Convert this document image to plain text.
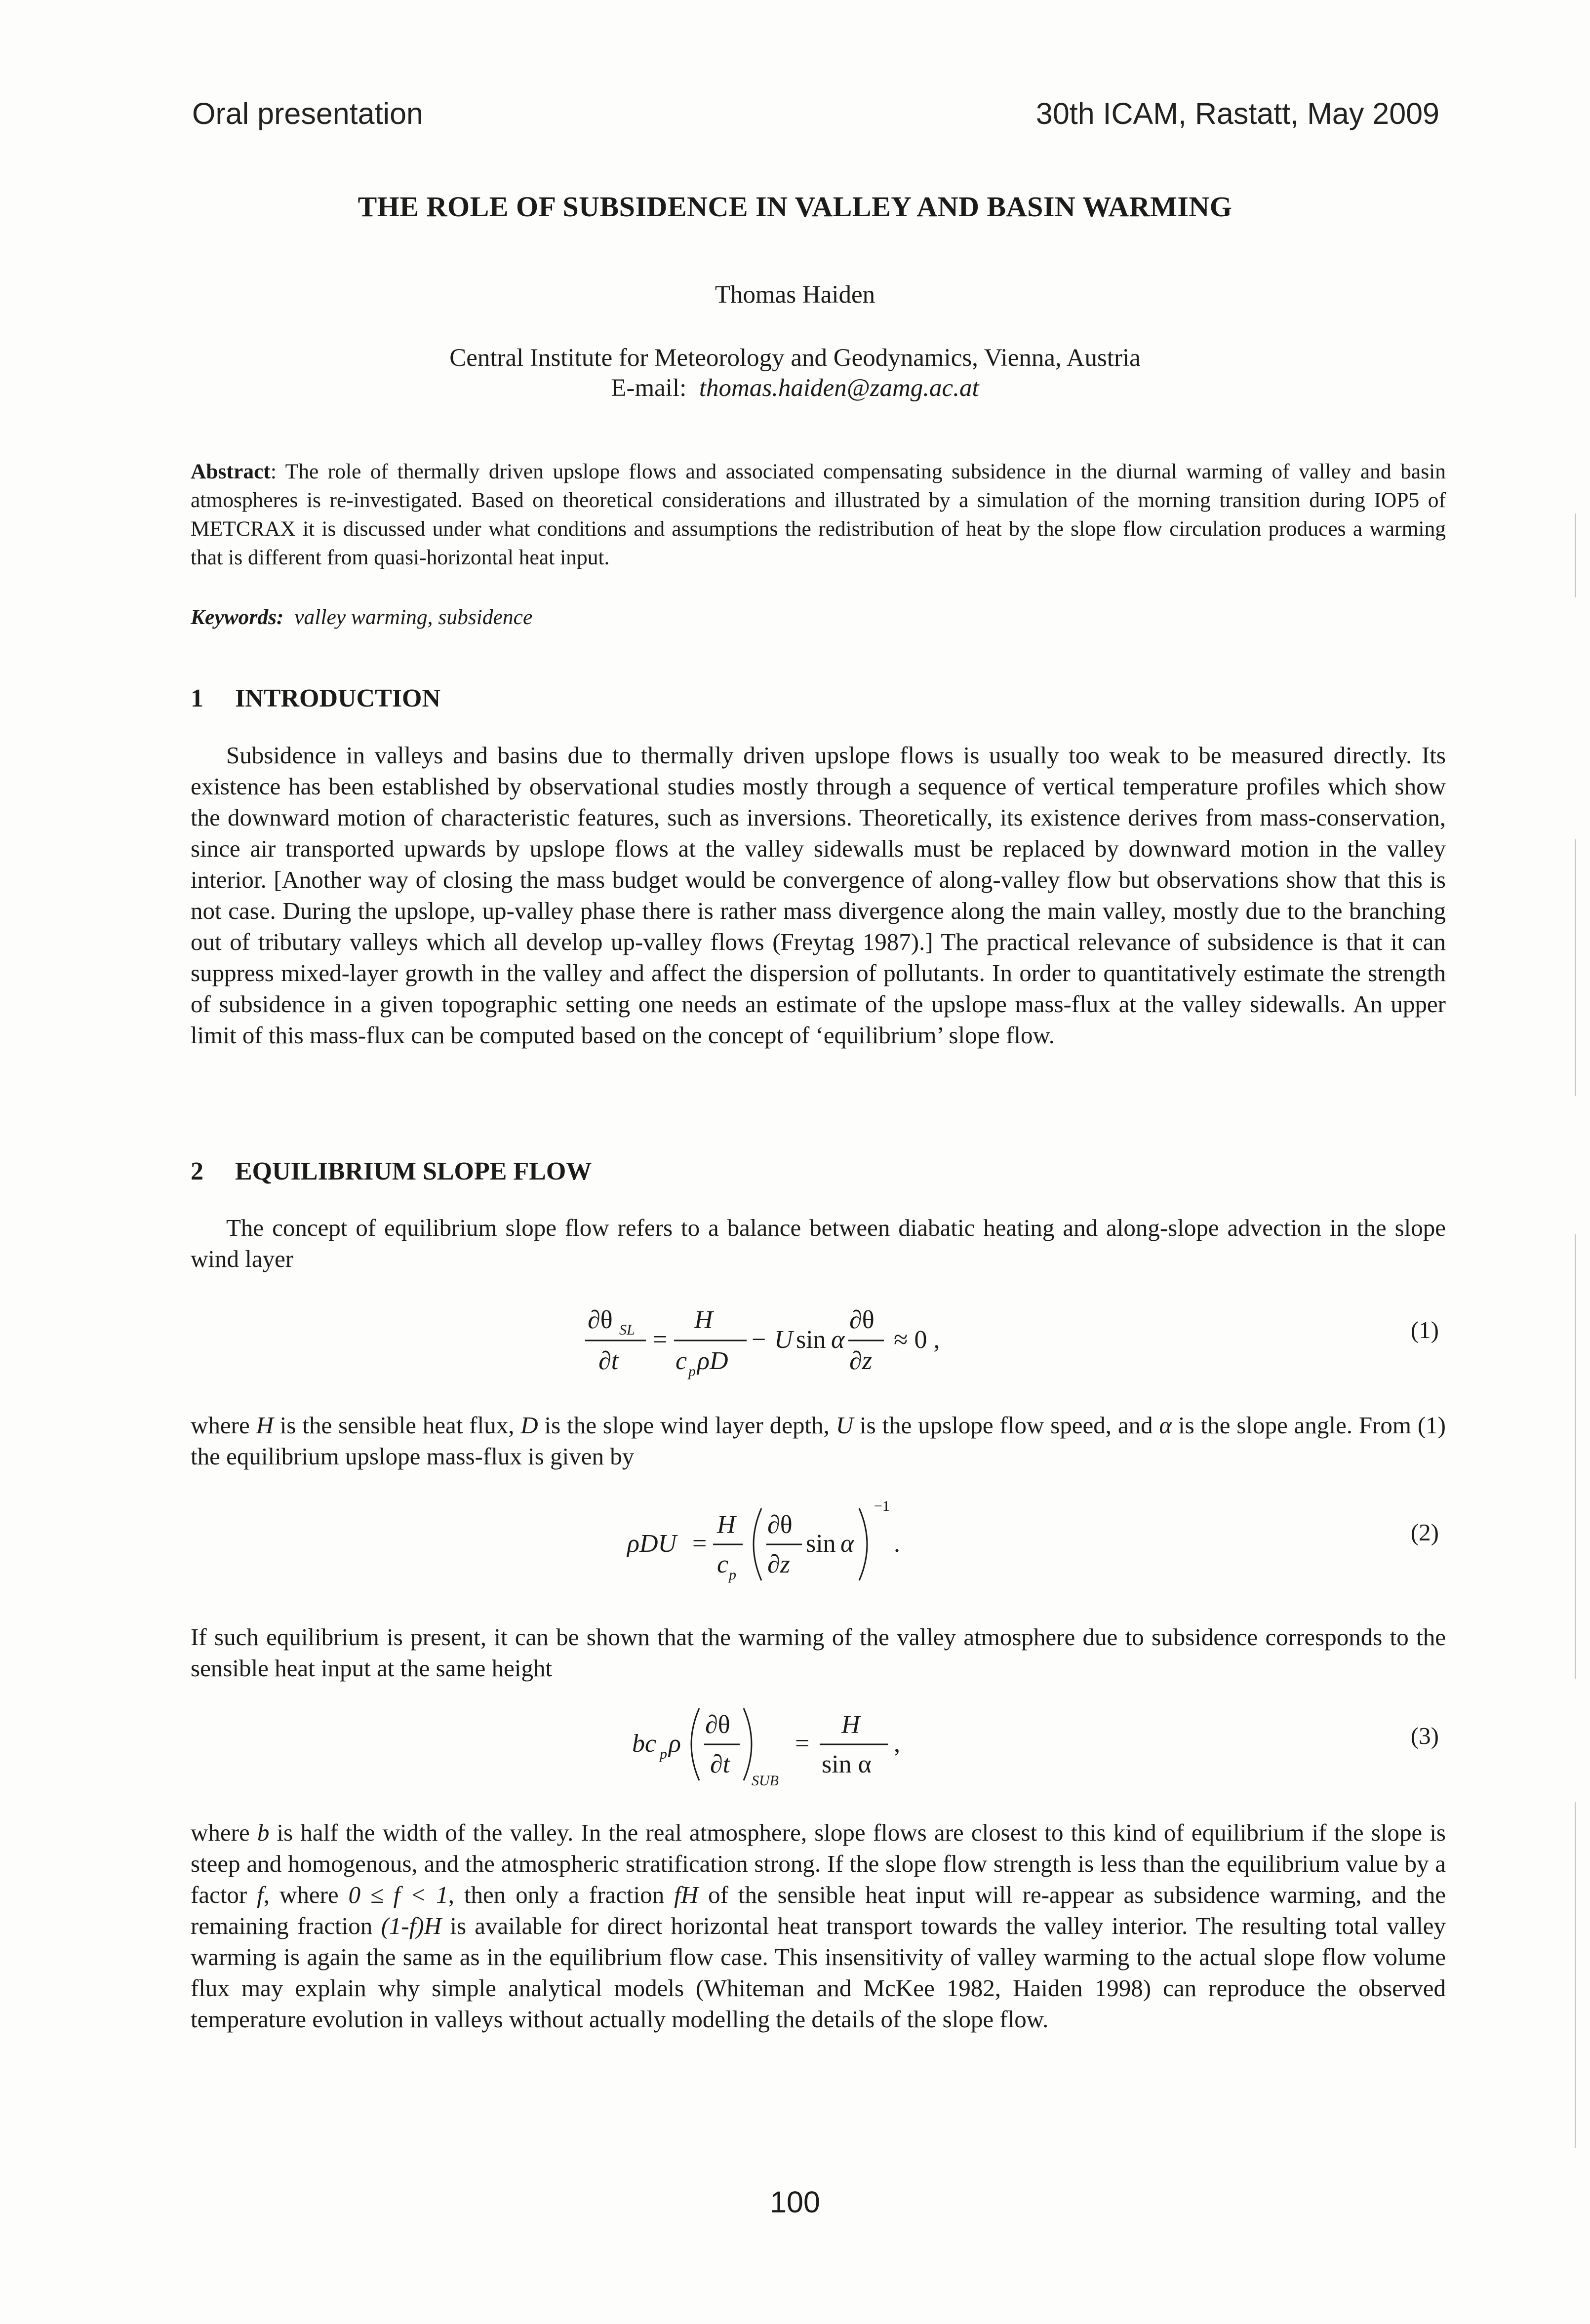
Oral presentation	30th ICAM, Rastatt, May 2009
THE ROLE OF SUBSIDENCE IN VALLEY AND BASIN WARMING
Thomas Haiden
Central Institute for Meteorology and Geodynamics, Vienna, Austria
E-mail: thomas.haiden@zamg.ac.at
Abstract: The role of thermally driven upslope flows and associated compensating subsidence in the diurnal warming of valley and basin atmospheres is re-investigated. Based on theoretical considerations and illustrated by a simulation of the morning transition during IOP5 of METCRAX it is discussed under what conditions and assumptions the redistribution of heat by the slope flow circulation produces a warming that is different from quasi-horizontal heat input.
Keywords: valley warming, subsidence
1 INTRODUCTION
Subsidence in valleys and basins due to thermally driven upslope flows is usually too weak to be measured directly. Its existence has been established by observational studies mostly through a sequence of vertical temperature profiles which show the downward motion of characteristic features, such as inversions. Theoretically, its existence derives from mass-conservation, since air transported upwards by upslope flows at the valley sidewalls must be replaced by downward motion in the valley interior. [Another way of closing the mass budget would be convergence of along-valley flow but observations show that this is not case. During the upslope, up-valley phase there is rather mass divergence along the main valley, mostly due to the branching out of tributary valleys which all develop up-valley flows (Freytag 1987).] The practical relevance of subsidence is that it can suppress mixed-layer growth in the valley and affect the dispersion of pollutants. In order to quantitatively estimate the strength of subsidence in a given topographic setting one needs an estimate of the upslope mass-flux at the valley sidewalls. An upper limit of this mass-flux can be computed based on the concept of ‘equilibrium’ slope flow.
2 EQUILIBRIUM SLOPE FLOW
The concept of equilibrium slope flow refers to a balance between diabatic heating and along-slope advection in the slope wind layer
∂θ SL
∂t
=
H
c p ρD
− U sin α
∂θ
∂z
≈ 0 ,	(1)
where H is the sensible heat flux, D is the slope wind layer depth, U is the upslope flow speed, and α is the slope angle. From (1) the equilibrium upslope mass-flux is given by
ρDU =
H
c p
∂θ
∂z
sin α
−1
.	(2)
If such equilibrium is present, it can be shown that the warming of the valley atmosphere due to subsidence corresponds to the sensible heat input at the same height
bc p ρ
∂θ
∂t
SUB
=
H
sin α
,	(3)
where b is half the width of the valley. In the real atmosphere, slope flows are closest to this kind of equilibrium if the slope is steep and homogenous, and the atmospheric stratification strong. If the slope flow strength is less than the equilibrium value by a factor f, where 0 ≤ f < 1, then only a fraction fH of the sensible heat input will re-appear as subsidence warming, and the remaining fraction (1-f)H is available for direct horizontal heat transport towards the valley interior. The resulting total valley warming is again the same as in the equilibrium flow case. This insensitivity of valley warming to the actual slope flow volume flux may explain why simple analytical models (Whiteman and McKee 1982, Haiden 1998) can reproduce the observed temperature evolution in valleys without actually modelling the details of the slope flow.
100
